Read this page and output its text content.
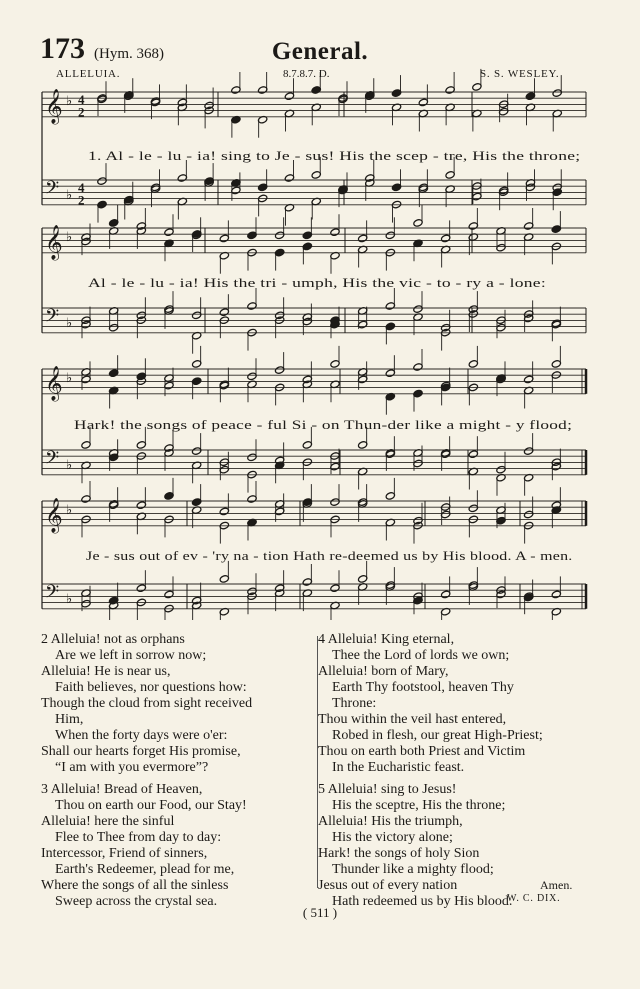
173 (Hym. 368)	General.
ALLELUIA.	8.7.8.7. D.	S. S. WESLEY.
𝄞 ♭ 4
2
𝄢 ♭ 4
2
𝄞 ♭
𝄢 ♭
𝄞 ♭
𝄢 ♭
𝄞 ♭
𝄢 ♭
1. Al - le - lu - ia! sing to Je - sus! His the scep - tre, His the throne;
Al - le - lu - ia! His the tri - umph, His the vic - to - ry a - lone:
Hark! the songs of peace - ful Si - on Thun-der like a might - y flood;
Je - sus out of ev - 'ry na - tion Hath re-deemed us by His blood. A - men.
2 Alleluia! not as orphans
Are we left in sorrow now;
Alleluia! He is near us,
Faith believes, nor questions how:
Though the cloud from sight received
Him,
When the forty days were o'er:
Shall our hearts forget His promise,
“I am with you evermore”?
3 Alleluia! Bread of Heaven,
Thou on earth our Food, our Stay!
Alleluia! here the sinful
Flee to Thee from day to day:
Intercessor, Friend of sinners,
Earth's Redeemer, plead for me,
Where the songs of all the sinless
Sweep across the crystal sea.
4 Alleluia! King eternal,
Thee the Lord of lords we own;
Alleluia! born of Mary,
Earth Thy footstool, heaven Thy
Throne:
Thou within the veil hast entered,
Robed in flesh, our great High-Priest;
Thou on earth both Priest and Victim
In the Eucharistic feast.
5 Alleluia! sing to Jesus!
His the sceptre, His the throne;
Alleluia! His the triumph,
His the victory alone;
Hark! the songs of holy Sion
Thunder like a mighty flood;
Jesus out of every nation
Hath redeemed us by His blood.
Amen.
W. C. DIX.
( 511 )
